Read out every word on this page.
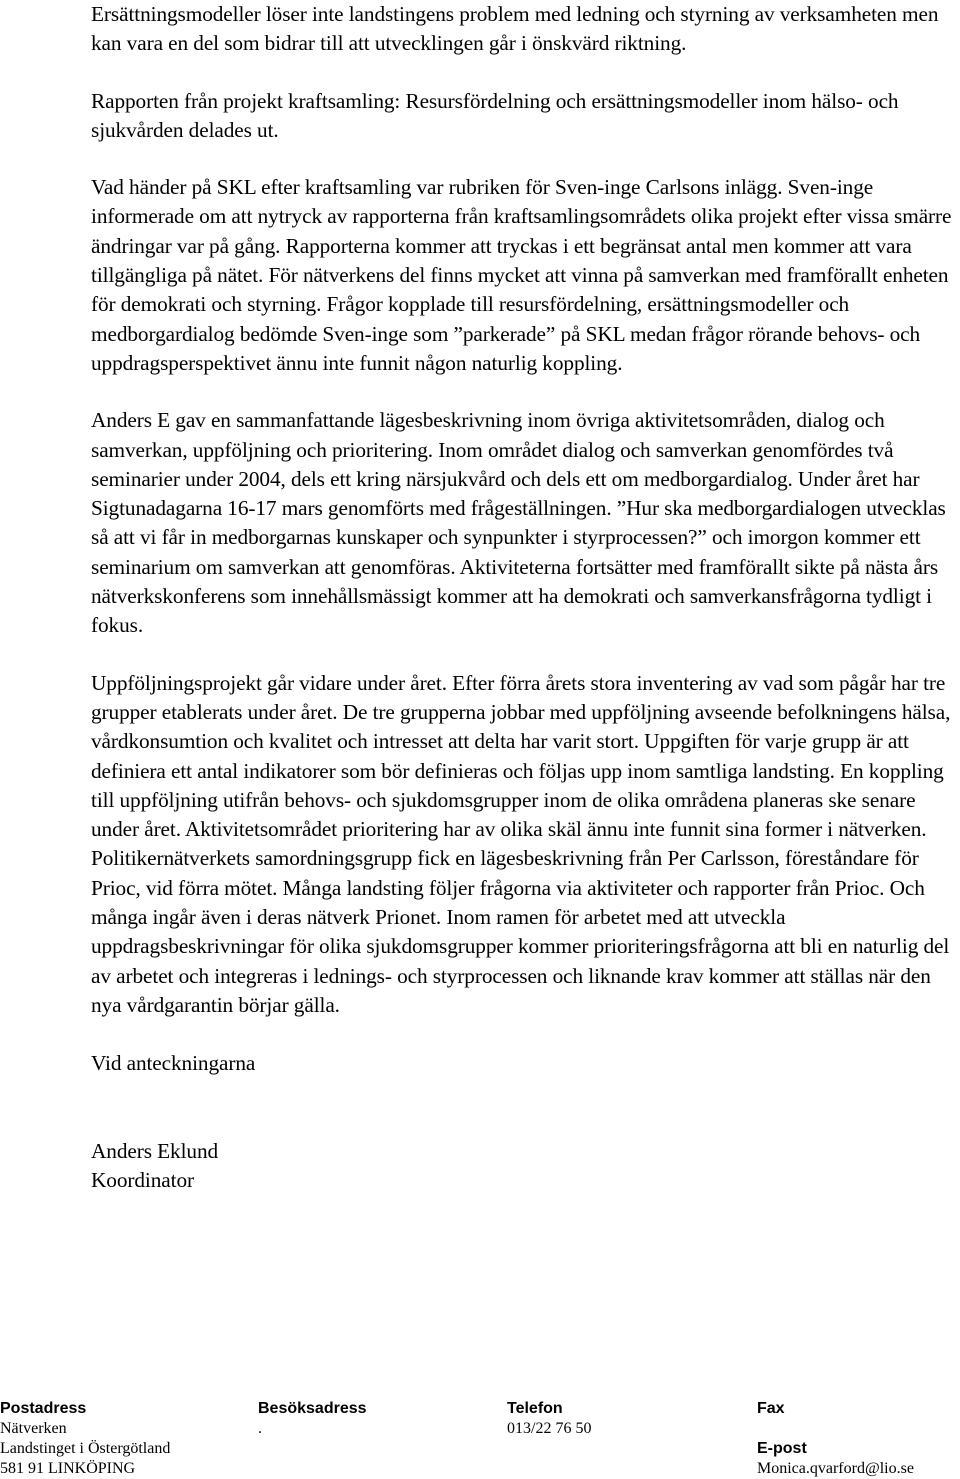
Ersättningsmodeller löser inte landstingens problem med ledning och styrning av verksamheten men kan vara en del som bidrar till att utvecklingen går i önskvärd riktning.

Rapporten från projekt kraftsamling: Resursfördelning och ersättningsmodeller inom hälso- och sjukvården delades ut.

Vad händer på SKL efter kraftsamling var rubriken för Sven-inge Carlsons inlägg. Sven-inge informerade om att nytryck av rapporterna från kraftsamlingsområdets olika projekt efter vissa smärre ändringar var på gång. Rapporterna kommer att tryckas i ett begränsat antal men kommer att vara tillgängliga på nätet. För nätverkens del finns mycket att vinna på samverkan med framförallt enheten för demokrati och styrning. Frågor kopplade till resursfördelning, ersättningsmodeller och medborgardialog bedömde Sven-inge som ”parkerade” på SKL medan frågor rörande behovs- och uppdragsperspektivet ännu inte funnit någon naturlig koppling.

Anders E gav en sammanfattande lägesbeskrivning inom övriga aktivitetsområden, dialog och samverkan, uppföljning och prioritering. Inom området dialog och samverkan genomfördes två seminarier under 2004, dels ett kring närsjukvård och dels ett om medborgardialog. Under året har Sigtunadagarna 16-17 mars genomförts med frågeställningen. ”Hur ska medborgardialogen utvecklas så att vi får in medborgarnas kunskaper och synpunkter i styrprocessen?” och imorgon kommer ett seminarium om samverkan att genomföras. Aktiviteterna fortsätter med framförallt sikte på nästa års nätverkskonferens som innehållsmässigt kommer att ha demokrati och samverkansfrågorna tydligt i fokus.

Uppföljningsprojekt går vidare under året. Efter förra årets stora inventering av vad som pågår har tre grupper etablerats under året. De tre grupperna jobbar med uppföljning avseende befolkningens hälsa, vårdkonsumtion och kvalitet och intresset att delta har varit stort. Uppgiften för varje grupp är att definiera ett antal indikatorer som bör definieras och följas upp inom samtliga landsting. En koppling till uppföljning utifrån behovs- och sjukdomsgrupper inom de olika områdena planeras ske senare under året. Aktivitetsområdet prioritering har av olika skäl ännu inte funnit sina former i nätverken. Politikernätverkets samordningsgrupp fick en lägesbeskrivning från Per Carlsson, föreståndare för Prioc, vid förra mötet. Många landsting följer frågorna via aktiviteter och rapporter från Prioc. Och många ingår även i deras nätverk Prionet. Inom ramen för arbetet med att utveckla uppdragsbeskrivningar för olika sjukdomsgrupper kommer prioriteringsfrågorna att bli en naturlig del av arbetet och integreras i lednings- och styrprocessen och liknande krav kommer att ställas när den nya vårdgarantin börjar gälla.

Vid anteckningarna

Anders Eklund

Koordinator

Postadress
Nätverken
Landstinget i Östergötland
581 91 LINKÖPING
Besöksadress
.
Telefon
013/22 76 50
Fax
E-post
Monica.qvarford@lio.se
